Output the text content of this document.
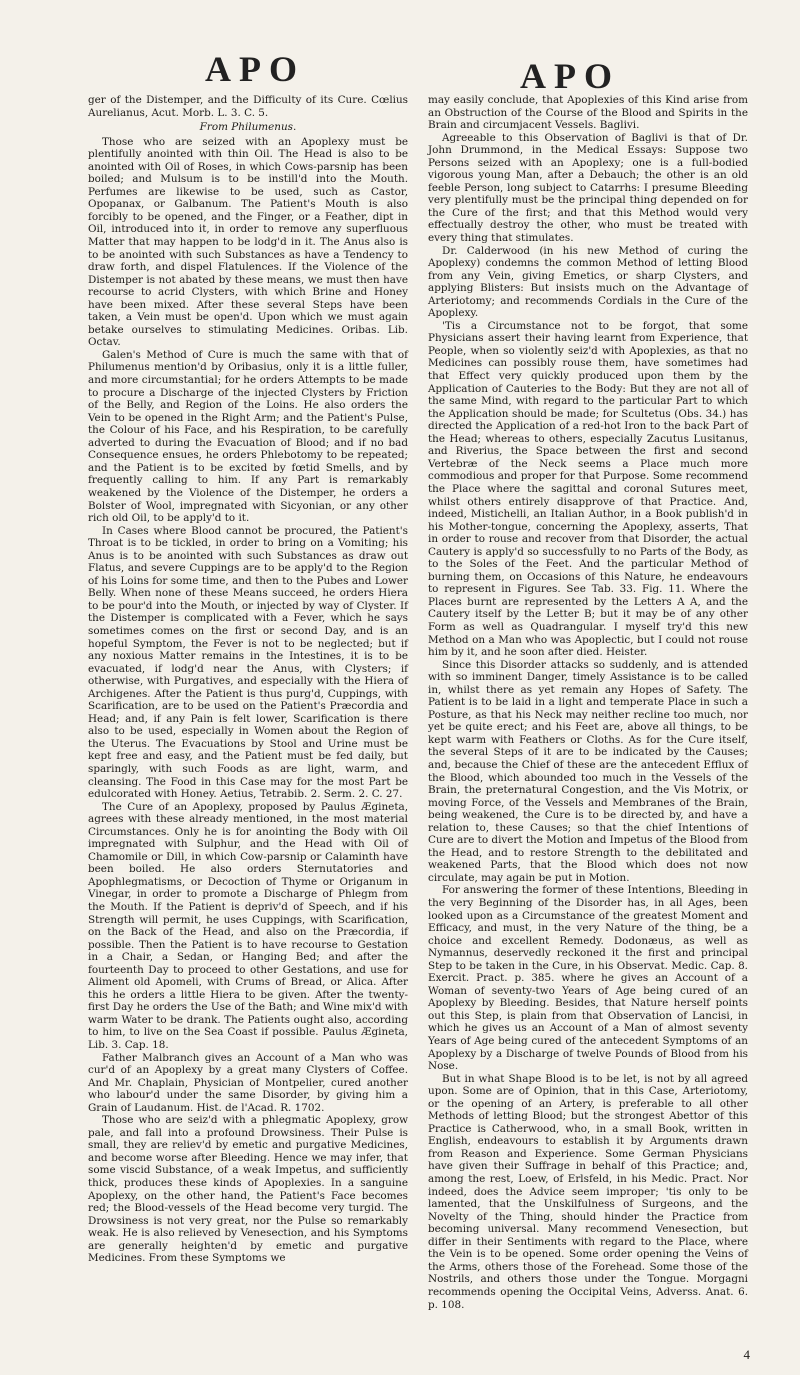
APO	APO

ger of the Distemper, and the Difficulty of its Cure. Cœlius Aurelianus, Acut. Morb. L. 3. C. 5.

From Philumenus.

Those who are seized with an Apoplexy must be plentifully anointed with thin Oil. The Head is also to be anointed with Oil of Roses, in which Cows-parsnip has been boiled; and Mulsum is to be instill'd into the Mouth. Perfumes are likewise to be used, such as Castor, Opopanax, or Galbanum. The Patient's Mouth is also forcibly to be opened, and the Finger, or a Feather, dipt in Oil, introduced into it, in order to remove any superfluous Matter that may happen to be lodg'd in it. The Anus also is to be anointed with such Substances as have a Tendency to draw forth, and dispel Flatulences. If the Violence of the Distemper is not abated by these means, we must then have recourse to acrid Clysters, with which Brine and Honey have been mixed. After these several Steps have been taken, a Vein must be open'd. Upon which we must again betake ourselves to stimulating Medicines. Oribas. Lib. Octav.

Galen's Method of Cure is much the same with that of Philumenus mention'd by Oribasius, only it is a little fuller, and more circumstantial; for he orders Attempts to be made to procure a Discharge of the injected Clysters by Friction of the Belly, and Region of the Loins. He also orders the Vein to be opened in the Right Arm; and the Patient's Pulse, the Colour of his Face, and his Respiration, to be carefully adverted to during the Evacuation of Blood; and if no bad Consequence ensues, he orders Phlebotomy to be repeated; and the Patient is to be excited by fœtid Smells, and by frequently calling to him. If any Part is remarkably weakened by the Violence of the Distemper, he orders a Bolster of Wool, impregnated with Sicyonian, or any other rich old Oil, to be apply'd to it.

In Cases where Blood cannot be procured, the Patient's Throat is to be tickled, in order to bring on a Vomiting; his Anus is to be anointed with such Substances as draw out Flatus, and severe Cuppings are to be apply'd to the Region of his Loins for some time, and then to the Pubes and Lower Belly. When none of these Means succeed, he orders Hiera to be pour'd into the Mouth, or injected by way of Clyster. If the Distemper is complicated with a Fever, which he says sometimes comes on the first or second Day, and is an hopeful Symptom, the Fever is not to be neglected; but if any noxious Matter remains in the Intestines, it is to be evacuated, if lodg'd near the Anus, with Clysters; if otherwise, with Purgatives, and especially with the Hiera of Archigenes. After the Patient is thus purg'd, Cuppings, with Scarification, are to be used on the Patient's Præcordia and Head; and, if any Pain is felt lower, Scarification is there also to be used, especially in Women about the Region of the Uterus. The Evacuations by Stool and Urine must be kept free and easy, and the Patient must be fed daily, but sparingly, with such Foods as are light, warm, and cleansing. The Food in this Case may for the most Part be edulcorated with Honey. Aetius, Tetrabib. 2. Serm. 2. C. 27.

The Cure of an Apoplexy, proposed by Paulus Ægineta, agrees with these already mentioned, in the most material Circumstances. Only he is for anointing the Body with Oil impregnated with Sulphur, and the Head with Oil of Chamomile or Dill, in which Cow-parsnip or Calaminth have been boiled. He also orders Sternutatories and Apophlegmatisms, or Decoction of Thyme or Origanum in Vinegar, in order to promote a Discharge of Phlegm from the Mouth. If the Patient is depriv'd of Speech, and if his Strength will permit, he uses Cuppings, with Scarification, on the Back of the Head, and also on the Præcordia, if possible. Then the Patient is to have recourse to Gestation in a Chair, a Sedan, or Hanging Bed; and after the fourteenth Day to proceed to other Gestations, and use for Aliment old Apomeli, with Crums of Bread, or Alica. After this he orders a little Hiera to be given. After the twenty-first Day he orders the Use of the Bath; and Wine mix'd with warm Water to be drank. The Patients ought also, according to him, to live on the Sea Coast if possible. Paulus Ægineta, Lib. 3. Cap. 18.

Father Malbranch gives an Account of a Man who was cur'd of an Apoplexy by a great many Clysters of Coffee. And Mr. Chaplain, Physician of Montpelier, cured another who labour'd under the same Disorder, by giving him a Grain of Laudanum. Hist. de l'Acad. R. 1702.

Those who are seiz'd with a phlegmatic Apoplexy, grow pale, and fall into a profound Drowsiness. Their Pulse is small, they are reliev'd by emetic and purgative Medicines, and become worse after Bleeding. Hence we may infer, that some viscid Substance, of a weak Impetus, and sufficiently thick, produces these kinds of Apoplexies. In a sanguine Apoplexy, on the other hand, the Patient's Face becomes red; the Blood-vessels of the Head become very turgid. The Drowsiness is not very great, nor the Pulse so remarkably weak. He is also relieved by Venesection, and his Symptoms are generally heighten'd by emetic and purgative Medicines. From these Symptoms we

may easily conclude, that Apoplexies of this Kind arise from an Obstruction of the Course of the Blood and Spirits in the Brain and circumjacent Vessels. Baglivi.

Agreeable to this Observation of Baglivi is that of Dr. John Drummond, in the Medical Essays: Suppose two Persons seized with an Apoplexy; one is a full-bodied vigorous young Man, after a Debauch; the other is an old feeble Person, long subject to Catarrhs: I presume Bleeding very plentifully must be the principal thing depended on for the Cure of the first; and that this Method would very effectually destroy the other, who must be treated with every thing that stimulates.

Dr. Calderwood (in his new Method of curing the Apoplexy) condemns the common Method of letting Blood from any Vein, giving Emetics, or sharp Clysters, and applying Blisters: But insists much on the Advantage of Arteriotomy; and recommends Cordials in the Cure of the Apoplexy.

'Tis a Circumstance not to be forgot, that some Physicians assert their having learnt from Experience, that People, when so violently seiz'd with Apoplexies, as that no Medicines can possibly rouse them, have sometimes had that Effect very quickly produced upon them by the Application of Cauteries to the Body: But they are not all of the same Mind, with regard to the particular Part to which the Application should be made; for Scultetus (Obs. 34.) has directed the Application of a red-hot Iron to the back Part of the Head; whereas to others, especially Zacutus Lusitanus, and Riverius, the Space between the first and second Vertebræ of the Neck seems a Place much more commodious and proper for that Purpose. Some recommend the Place where the sagittal and coronal Sutures meet, whilst others entirely disapprove of that Practice. And, indeed, Mistichelli, an Italian Author, in a Book publish'd in his Mother-tongue, concerning the Apoplexy, asserts, That in order to rouse and recover from that Disorder, the actual Cautery is apply'd so successfully to no Parts of the Body, as to the Soles of the Feet. And the particular Method of burning them, on Occasions of this Nature, he endeavours to represent in Figures. See Tab. 33. Fig. 11. Where the Places burnt are represented by the Letters A A, and the Cautery itself by the Letter B; but it may be of any other Form as well as Quadrangular. I myself try'd this new Method on a Man who was Apoplectic, but I could not rouse him by it, and he soon after died. Heister.

Since this Disorder attacks so suddenly, and is attended with so imminent Danger, timely Assistance is to be called in, whilst there as yet remain any Hopes of Safety. The Patient is to be laid in a light and temperate Place in such a Posture, as that his Neck may neither recline too much, nor yet be quite erect; and his Feet are, above all things, to be kept warm with Feathers or Cloths. As for the Cure itself, the several Steps of it are to be indicated by the Causes; and, because the Chief of these are the antecedent Efflux of the Blood, which abounded too much in the Vessels of the Brain, the preternatural Congestion, and the Vis Motrix, or moving Force, of the Vessels and Membranes of the Brain, being weakened, the Cure is to be directed by, and have a relation to, these Causes; so that the chief Intentions of Cure are to divert the Motion and Impetus of the Blood from the Head, and to restore Strength to the debilitated and weakened Parts, that the Blood which does not now circulate, may again be put in Motion.

For answering the former of these Intentions, Bleeding in the very Beginning of the Disorder has, in all Ages, been looked upon as a Circumstance of the greatest Moment and Efficacy, and must, in the very Nature of the thing, be a choice and excellent Remedy. Dodonæus, as well as Nymannus, deservedly reckoned it the first and principal Step to be taken in the Cure, in his Observat. Medic. Cap. 8. Exercit. Pract. p. 385. where he gives an Account of a Woman of seventy-two Years of Age being cured of an Apoplexy by Bleeding. Besides, that Nature herself points out this Step, is plain from that Observation of Lancisi, in which he gives us an Account of a Man of almost seventy Years of Age being cured of the antecedent Symptoms of an Apoplexy by a Discharge of twelve Pounds of Blood from his Nose.

But in what Shape Blood is to be let, is not by all agreed upon. Some are of Opinion, that in this Case, Arteriotomy, or the opening of an Artery, is preferable to all other Methods of letting Blood; but the strongest Abettor of this Practice is Catherwood, who, in a small Book, written in English, endeavours to establish it by Arguments drawn from Reason and Experience. Some German Physicians have given their Suffrage in behalf of this Practice; and, among the rest, Loew, of Erlsfeld, in his Medic. Pract. Nor indeed, does the Advice seem improper; 'tis only to be lamented, that the Unskilfulness of Surgeons, and the Novelty of the Thing, should hinder the Practice from becoming universal. Many recommend Venesection, but differ in their Sentiments with regard to the Place, where the Vein is to be opened. Some order opening the Veins of the Arms, others those of the Forehead. Some those of the Nostrils, and others those under the Tongue. Morgagni recommends opening the Occipital Veins, Adverss. Anat. 6. p. 108.

4
